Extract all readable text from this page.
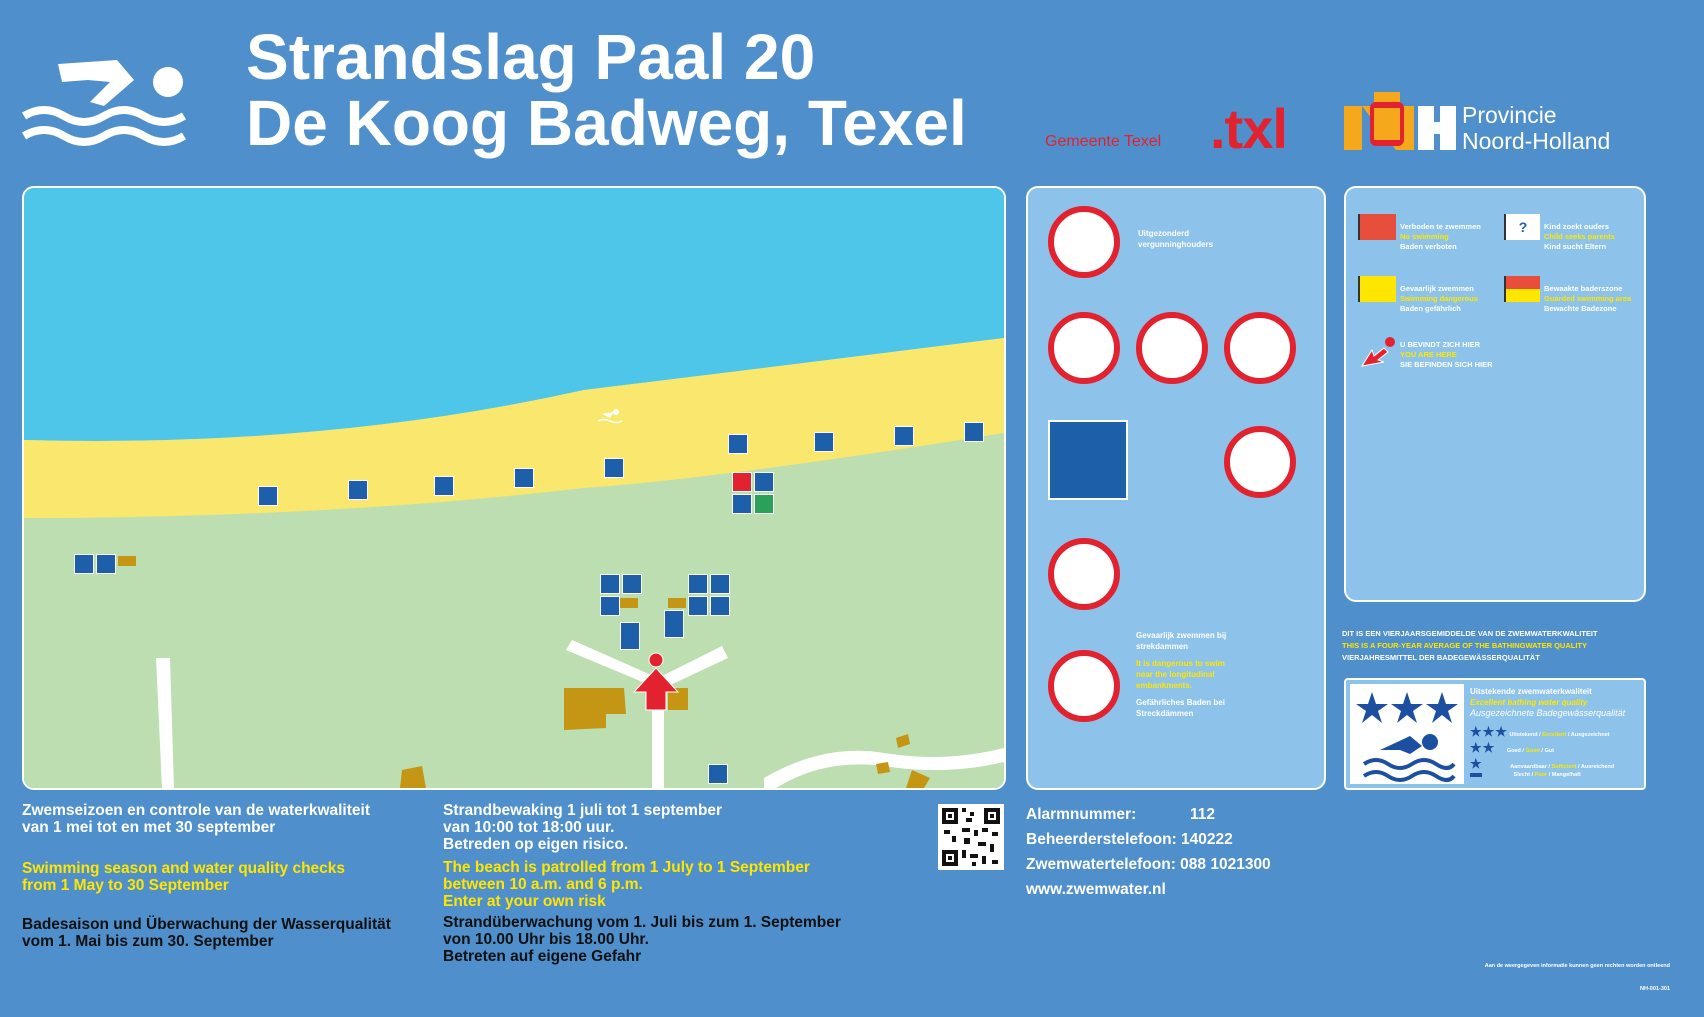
Strandslag Paal 20
De Koog Badweg, Texel	Gemeente Texel .txl	Provincie
Noord-Holland
Uitgezonderd
vergunninghouders
Gevaarlijk zwemmen bij
strekdammen
It is dangerous to swim
near the longitudinal
embankments.
Gefährliches Baden bei
Streckdämmen
Verboden te zwemmen
No swimming
Baden verboten
?	Kind zoekt ouders
Child seeks parents
Kind sucht Eltern
Gevaarlijk zwemmen
Swimming dangerous
Baden gefährlich
Bewaakte baderszone
Guarded swimming area
Bewachte Badezone
U BEVINDT ZICH HIER
YOU ARE HERE
SIE BEFINDEN SICH HIER
DIT IS EEN VIERJAARSGEMIDDELDE VAN DE ZWEMWATERKWALITEIT
THIS IS A FOUR-YEAR AVERAGE OF THE BATHINGWATER QUALITY
VIERJAHRESMITTEL DER BADEGEWÄSSERQUALITÄT
Uitstekende zwemwaterkwaliteit
Excellent bathing water quality
Ausgezeichnete Badegewässerqualität
★★★ Uitstekend / Excellent / Ausgezeichnet
★★ Goed / Good / Gut
★	Aanvaardbaar / Sufficient / Ausreichend
Slecht / Poor / Mangelhaft
Zwemseizoen en controle van de waterkwaliteit
van 1 mei tot en met 30 september
Swimming season and water quality checks
from 1 May to 30 September
Badesaison und Überwachung der Wasserqualität
vom 1. Mai bis zum 30. September
Strandbewaking 1 juli tot 1 september
van 10:00 tot 18:00 uur.
Betreden op eigen risico.
The beach is patrolled from 1 July to 1 September
between 10 a.m. and 6 p.m.
Enter at your own risk
Strandüberwachung vom 1. Juli bis zum 1. September
von 10.00 Uhr bis 18.00 Uhr.
Betreten auf eigene Gefahr
Alarmnummer:	112
Beheerderstelefoon: 140222
Zwemwatertelefoon: 088 1021300
www.zwemwater.nl
Aan de weergegeven informatie kunnen geen rechten worden ontleend
NH-001-301
